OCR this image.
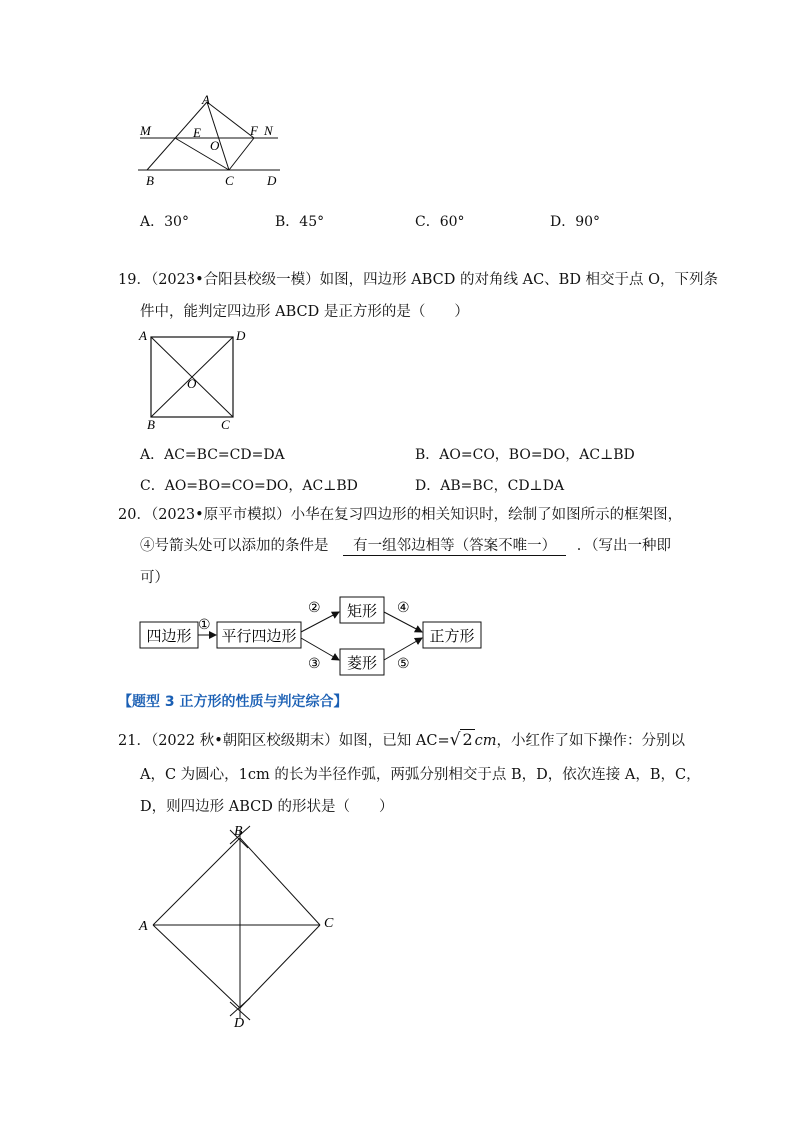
A
M	E	F N
O
B	C	D
A．30°	B．45°	C．60°	D．90°
19．（2023•合阳县校级一模）如图，四边形 ABCD 的对角线 AC、BD 相交于点 O，下列条
件中，能判定四边形 ABCD 是正方形的是（　　）
A	D
O
B	C
A．AC=BC=CD=DA	B．AO=CO，BO=DO，AC⊥BD
C．AO=BO=CO=DO，AC⊥BD	D．AB=BC，CD⊥DA
20．（2023•原平市模拟）小华在复习四边形的相关知识时，绘制了如图所示的框架图，
④号箭头处可以添加的条件是 有一组邻边相等（答案不唯一） ．（写出一种即
可）
四边形 平行四边形
矩形
菱形
正方形
①
②
③
④
⑤
【题型 3 正方形的性质与判定综合】
21．（2022 秋•朝阳区校级期末）如图，已知 AC=√ 2 cm，小红作了如下操作：分别以
A，C 为圆心，1cm 的长为半径作弧，两弧分别相交于点 B，D，依次连接 A，B，C，
D，则四边形 ABCD 的形状是（　　）
B
A	C
D
